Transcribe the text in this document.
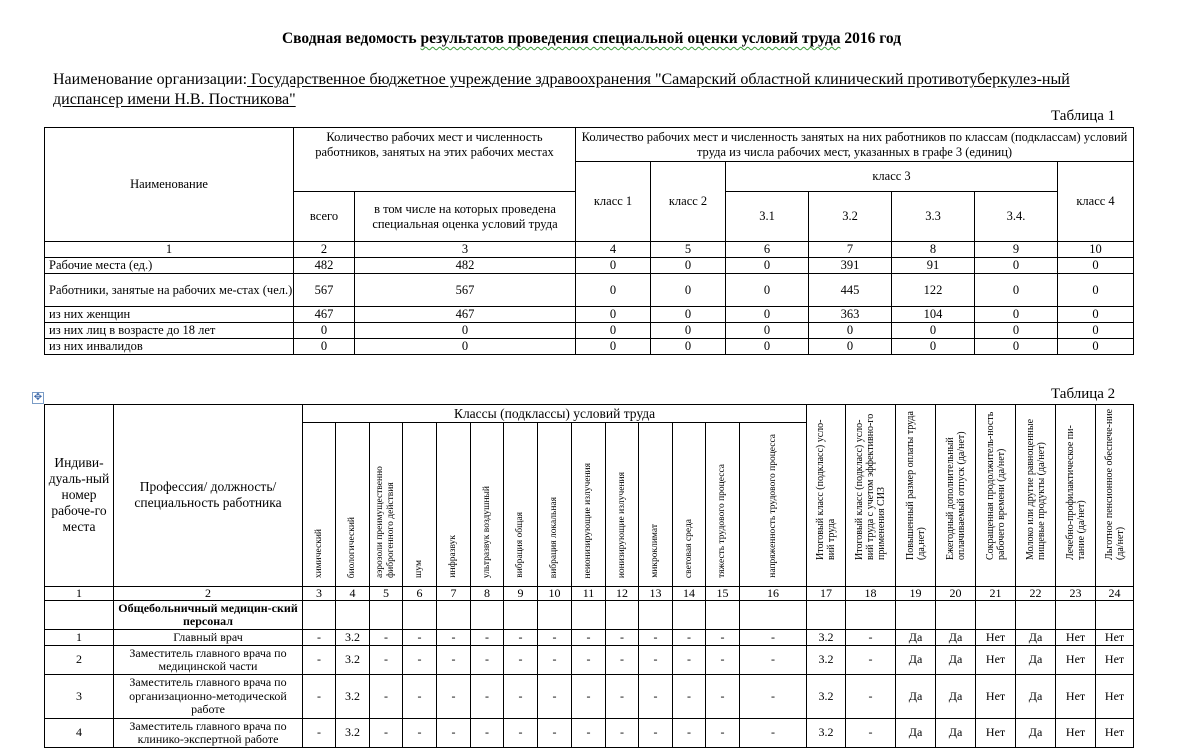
Сводная ведомость результатов проведения специальной оценки условий труда 2016 год
Наименование организации: Государственное бюджетное учреждение здравоохранения "Самарский областной клинический противотуберкулез-ный диспансер имени Н.В. Постникова"
Таблица 1
Наименование	Количество рабочих мест и численность работников, занятых на этих рабочих местах		Количество рабочих мест и численность занятых на них работников по классам (подклассам) условий труда из числа рабочих мест, указанных в графе 3 (единиц)						
			класс 1	класс 2	класс 3				класс 4
	всего	в том числе на которых проведена специальная оценка условий труда			3.1	3.2	3.3	3.4.	
1	2	3	4	5	6	7	8	9	10
Рабочие места (ед.)	482	482	0	0	0	391	91	0	0
Работники, занятые на рабочих ме-стах (чел.)	567	567	0	0	0	445	122	0	0
из них женщин	467	467	0	0	0	363	104	0	0
из них лиц в возрасте до 18 лет	0	0	0	0	0	0	0	0	0
из них инвалидов	0	0	0	0	0	0	0	0	0
✥	Таблица 2
Индиви-дуаль-ный номер рабоче-го места	Профессия/ должность/ специальность работника	Классы (подклассы) условий труда														Итоговый класс (подкласс) усло-вий труда	Итоговый класс (подкласс) усло-вий труда с учетом эффективно-го применения СИЗ	Повышенный размер оплаты труда (да,нет)	Ежегодный дополнительный оплачиваемый отпуск (да/нет)	Сокращенная продолжитель-ность рабочего времени (да/нет)	Молоко или другие равноценные пищевые продукты (да/нет)	Лечебно-профилактическое пи-тание (да/нет)	Льготное пенсионное обеспече-ние (да/нет)
		химический	биологический	аэрозоли преимущественно фиброгенного действия	шум	инфразвук	ультразвук воздушный	вибрация общая	вибрация локальная	неионизирующие излучения	ионизирующие излучения	микроклимат	световая среда	тяжесть трудового процесса	напряженность трудового процесса								
1	2	3	4	5	6	7	8	9	10	11	12	13	14	15	16	17	18	19	20	21	22	23	24
	Общебольничный медицин-ский персонал																						
1	Главный врач	-	3.2	-	-	-	-	-	-	-	-	-	-	-	-	3.2	-	Да	Да	Нет	Да	Нет	Нет
2	Заместитель главного врача по медицинской части	-	3.2	-	-	-	-	-	-	-	-	-	-	-	-	3.2	-	Да	Да	Нет	Да	Нет	Нет
3	Заместитель главного врача по организационно-методической работе	-	3.2	-	-	-	-	-	-	-	-	-	-	-	-	3.2	-	Да	Да	Нет	Да	Нет	Нет
4	Заместитель главного врача по клинико-экспертной работе	-	3.2	-	-	-	-	-	-	-	-	-	-	-	-	3.2	-	Да	Да	Нет	Да	Нет	Нет
